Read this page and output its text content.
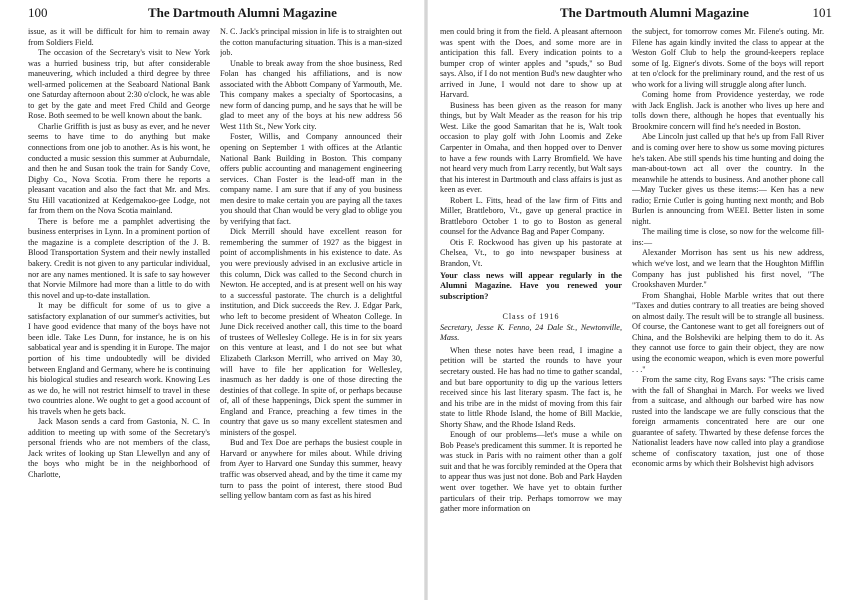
100	The Dartmouth Alumni Magazine

issue, as it will be difficult for him to remain away from Soldiers Field.

The occasion of the Secretary's visit to New York was a hurried business trip, but after considerable maneuvering, which included a third degree by three well-armed policemen at the Seaboard National Bank one Saturday afternoon about 2:30 o'clock, he was able to get by the gate and meet Fred Child and George Rose. Both seemed to be well known about the bank.

Charlie Griffith is just as busy as ever, and he never seems to have time to do anything but make connections from one job to another. As is his wont, he conducted a music session this summer at Auburndale, and then he and Susan took the train for Sandy Cove, Digby Co., Nova Scotia. From there he reports a pleasant vacation and also the fact that Mr. and Mrs. Stu Hill vacationized at Kedgemakoo-gee Lodge, not far from them on the Nova Scotia mainland.

There is before me a pamphlet advertising the business enterprises in Lynn. In a prominent portion of the magazine is a complete description of the J. B. Blood Transportation System and their newly installed bakery. Credit is not given to any particular individual, nor are any names mentioned. It is safe to say however that Norvie Milmore had more than a little to do with this novel and up-to-date installation.

It may be difficult for some of us to give a satisfactory explanation of our summer's activities, but I have good evidence that many of the boys have not been idle. Take Les Dunn, for instance, he is on his sabbatical year and is spending it in Europe. The major portion of his time undoubtedly will be divided between England and Germany, where he is continuing his biological studies and research work. Knowing Les as we do, he will not restrict himself to travel in these two countries alone. We ought to get a good account of his travels when he gets back.

Jack Mason sends a card from Gastonia, N. C. In addition to meeting up with some of the Secretary's personal friends who are not members of the class, Jack writes of looking up Stan Llewellyn and any of the boys who might be in the neighborhood of Charlotte,

N. C. Jack's principal mission in life is to straighten out the cotton manufacturing situation. This is a man-sized job.

Unable to break away from the shoe business, Red Folan has changed his affiliations, and is now associated with the Abbott Company of Yarmouth, Me. This company makes a specialty of Sportocasins, a new form of dancing pump, and he says that he will be glad to meet any of the boys at his new address 56 West 11th St., New York city.

Foster, Willis, and Company announced their opening on September 1 with offices at the Atlantic National Bank Building in Boston. This company offers public accounting and management engineering services. Chan Foster is the lead-off man in the company name. I am sure that if any of you business men desire to make certain you are paying all the taxes you should that Chan would be very glad to oblige you by verifying that fact.

Dick Merrill should have excellent reason for remembering the summer of 1927 as the biggest in point of accomplishments in his existence to date. As you were previously advised in an exclusive article in this column, Dick was called to the Second church in Newton. He accepted, and is at present well on his way to a successful pastorate. The church is a delightful institution, and Dick succeeds the Rev. J. Edgar Park, who left to become president of Wheaton College. In June Dick received another call, this time to the board of trustees of Wellesley College. He is in for six years on this venture at least, and I do not see but what Elizabeth Clarkson Merrill, who arrived on May 30, will have to file her application for Wellesley, inasmuch as her daddy is one of those directing the destinies of that college. In spite of, or perhaps because of, all of these happenings, Dick spent the summer in England and France, preaching a few times in the country that gave us so many excellent statesmen and ministers of the gospel.

Bud and Tex Doe are perhaps the busiest couple in Harvard or anywhere for miles about. While driving from Ayer to Harvard one Sunday this summer, heavy traffic was observed ahead, and by the time it came my turn to pass the point of interest, there stood Bud selling yellow bantam corn as fast as his hired

The Dartmouth Alumni Magazine	101

men could bring it from the field. A pleasant afternoon was spent with the Does, and some more are in anticipation this fall. Every indication points to a bumper crop of winter apples and "spuds," so Bud says. Also, if I do not mention Bud's new daughter who arrived in June, I would not dare to show up at Harvard.

Business has been given as the reason for many things, but by Walt Meader as the reason for his trip West. Like the good Samaritan that he is, Walt took occasion to play golf with John Loomis and Zeke Carpenter in Omaha, and then hopped over to Denver to have a few rounds with Larry Bromfield. We have not heard very much from Larry recently, but Walt says that his interest in Dartmouth and class affairs is just as keen as ever.

Robert L. Fitts, head of the law firm of Fitts and Miller, Brattleboro, Vt., gave up general practice in Brattleboro October 1 to go to Boston as general counsel for the Advance Bag and Paper Company.

Otis F. Rockwood has given up his pastorate at Chelsea, Vt., to go into newspaper business at Brandon, Vt.

Your class news will appear regularly in the Alumni Magazine. Have you renewed your subscription?

Class of 1916

Secretary, Jesse K. Fenno, 24 Dale St., Newtonville, Mass.

When these notes have been read, I imagine a petition will be started the rounds to have your secretary ousted. He has had no time to gather scandal, and but bare opportunity to dig up the various letters received since his last literary spasm. The fact is, he and his tribe are in the midst of moving from this fair state to little Rhode Island, the home of Bill Mackie, Shorty Shaw, and the Rhode Island Reds.

Enough of our problems—let's muse a while on Bob Pease's predicament this summer. It is reported he was stuck in Paris with no raiment other than a golf suit and that he was forcibly reminded at the Opera that to appear thus was just not done. Bob and Park Hayden went over together. We have yet to obtain further particulars of their trip. Perhaps tomorrow we may gather more information on

the subject, for tomorrow comes Mr. Filene's outing. Mr. Filene has again kindly invited the class to appear at the Weston Golf Club to help the ground-keepers replace some of Ig. Eigner's divots. Some of the boys will report at ten o'clock for the preliminary round, and the rest of us who work for a living will struggle along after lunch.

Coming home from Providence yesterday, we rode with Jack English. Jack is another who lives up here and tolls down there, although he hopes that eventually his Brookmire concern will find he's needed in Boston.

Abe Lincoln just called up that he's up from Fall River and is coming over here to show us some moving pictures he's taken. Abe still spends his time hunting and doing the man-about-town act all over the country. In the meanwhile he attends to business. And another phone call—May Tucker gives us these items:— Ken has a new radio; Ernie Cutler is going hunting next month; and Bob Burlen is announcing from WEEI. Better listen in some night.

The mailing time is close, so now for the welcome fill-ins:—

Alexander Morrison has sent us his new address, which we've lost, and we learn that the Houghton Mifflin Company has just published his first novel, "The Crookshaven Murder."

From Shanghai, Hoble Marble writes that out there "Taxes and duties contrary to all treaties are being shoved on almost daily. The result will be to strangle all business. Of course, the Cantonese want to get all foreigners out of China, and the Bolsheviki are helping them to do it. As they cannot use force to gain their object, they are now using the economic weapon, which is even more powerful . . ."

From the same city, Rog Evans says: "The crisis came with the fall of Shanghai in March. For weeks we lived from a suitcase, and although our barbed wire has now rusted into the landscape we are fully conscious that the foreign armaments concentrated here are our one guarantee of safety. Thwarted by these defense forces the Nationalist leaders have now called into play a grandiose scheme of confiscatory taxation, just one of those economic arms by which their Bolshevist high advisors
